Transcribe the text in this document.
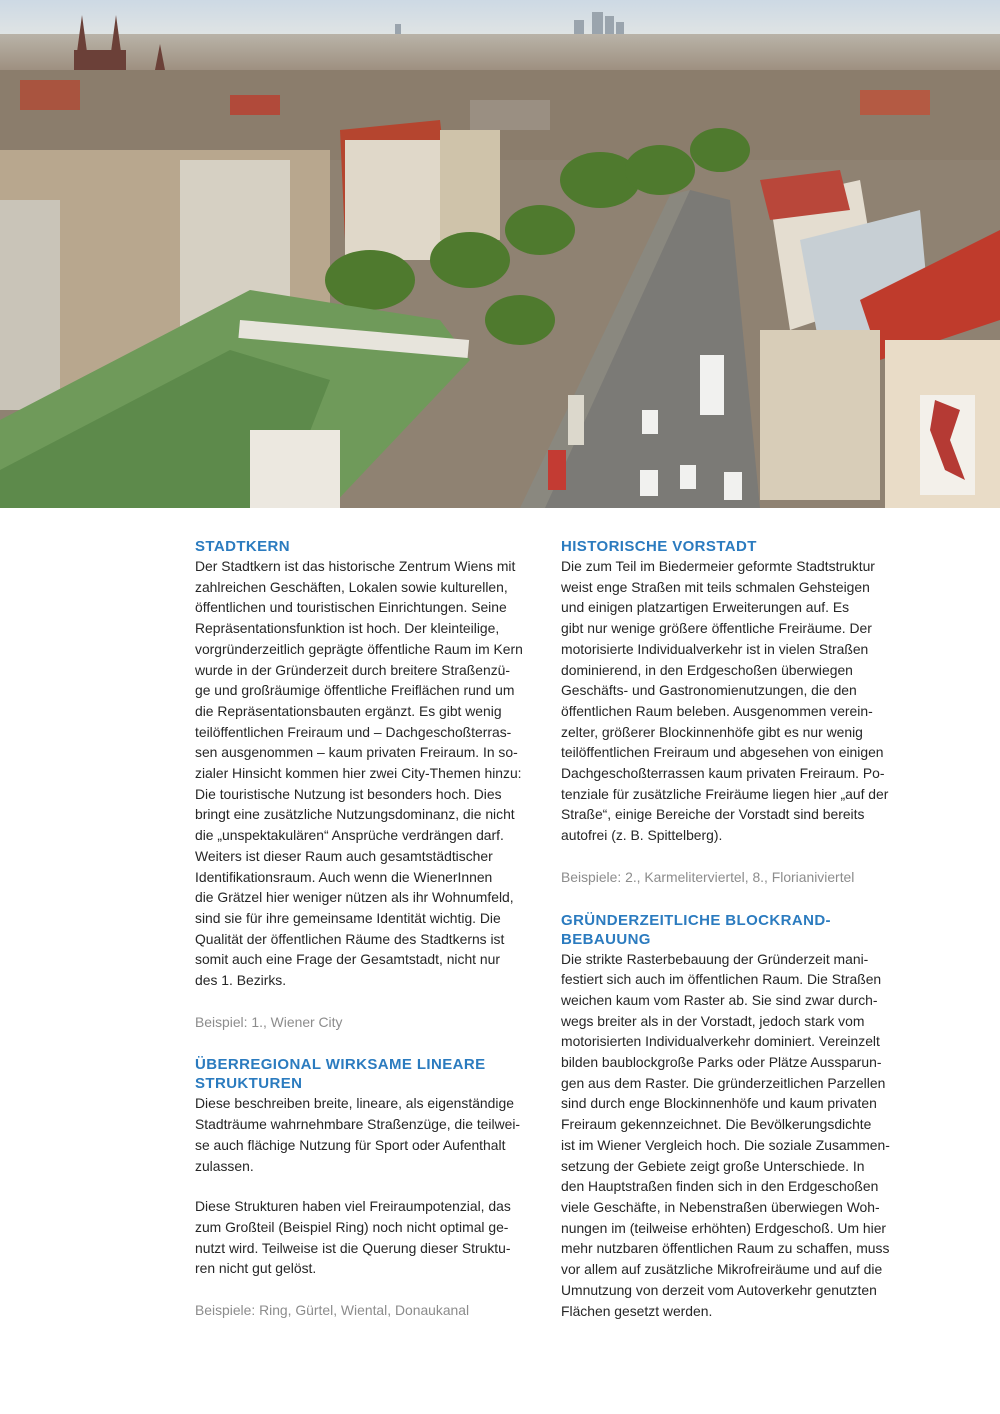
STADTKERN
Der Stadtkern ist das historische Zentrum Wiens mit
zahlreichen Geschäften, Lokalen sowie kulturellen,
öffentlichen und touristischen Einrichtungen. Seine
Repräsentationsfunktion ist hoch. Der kleinteilige,
vorgründerzeitlich geprägte öffentliche Raum im Kern
wurde in der Gründerzeit durch breitere Straßenzü-
ge und großräumige öffentliche Freiflächen rund um
die Repräsentationsbauten ergänzt. Es gibt wenig
teilöffentlichen Freiraum und – Dachgeschoßterras-
sen ausgenommen – kaum privaten Freiraum. In so-
zialer Hinsicht kommen hier zwei City-Themen hinzu:
Die touristische Nutzung ist besonders hoch. Dies
bringt eine zusätzliche Nutzungsdominanz, die nicht
die „unspektakulären“ Ansprüche verdrängen darf.
Weiters ist dieser Raum auch gesamtstädtischer
Identifikationsraum. Auch wenn die WienerInnen
die Grätzel hier weniger nützen als ihr Wohnumfeld,
sind sie für ihre gemeinsame Identität wichtig. Die
Qualität der öffentlichen Räume des Stadtkerns ist
somit auch eine Frage der Gesamtstadt, nicht nur
des 1. Bezirks.

Beispiel: 1., Wiener City

ÜBERREGIONAL WIRKSAME LINEARE
STRUKTUREN
Diese beschreiben breite, lineare, als eigenständige
Stadträume wahrnehmbare Straßenzüge, die teilwei-
se auch flächige Nutzung für Sport oder Aufenthalt
zulassen.
Diese Strukturen haben viel Freiraumpotenzial, das
zum Großteil (Beispiel Ring) noch nicht optimal ge-
nutzt wird. Teilweise ist die Querung dieser Struktu-
ren nicht gut gelöst.

Beispiele: Ring, Gürtel, Wiental, Donaukanal

HISTORISCHE VORSTADT
Die zum Teil im Biedermeier geformte Stadtstruktur
weist enge Straßen mit teils schmalen Gehsteigen
und einigen platzartigen Erweiterungen auf. Es
gibt nur wenige größere öffentliche Freiräume. Der
motorisierte Individualverkehr ist in vielen Straßen
dominierend, in den Erdgeschoßen überwiegen
Geschäfts- und Gastronomienutzungen, die den
öffentlichen Raum beleben. Ausgenommen verein-
zelter, größerer Blockinnenhöfe gibt es nur wenig
teilöffentlichen Freiraum und abgesehen von einigen
Dachgeschoßterrassen kaum privaten Freiraum. Po-
tenziale für zusätzliche Freiräume liegen hier „auf der
Straße“, einige Bereiche der Vorstadt sind bereits
autofrei (z. B. Spittelberg).

Beispiele: 2., Karmeliterviertel, 8., Florianiviertel

GRÜNDERZEITLICHE BLOCKRAND-
BEBAUUNG
Die strikte Rasterbebauung der Gründerzeit mani-
festiert sich auch im öffentlichen Raum. Die Straßen
weichen kaum vom Raster ab. Sie sind zwar durch-
wegs breiter als in der Vorstadt, jedoch stark vom
motorisierten Individualverkehr dominiert. Vereinzelt
bilden baublockgroße Parks oder Plätze Aussparun-
gen aus dem Raster. Die gründerzeitlichen Parzellen
sind durch enge Blockinnenhöfe und kaum privaten
Freiraum gekennzeichnet. Die Bevölkerungsdichte
ist im Wiener Vergleich hoch. Die soziale Zusammen-
setzung der Gebiete zeigt große Unterschiede. In
den Hauptstraßen finden sich in den Erdgeschoßen
viele Geschäfte, in Nebenstraßen überwiegen Woh-
nungen im (teilweise erhöhten) Erdgeschoß. Um hier
mehr nutzbaren öffentlichen Raum zu schaffen, muss
vor allem auf zusätzliche Mikrofreiräume und auf die
Umnutzung von derzeit vom Autoverkehr genutzten
Flächen gesetzt werden.
